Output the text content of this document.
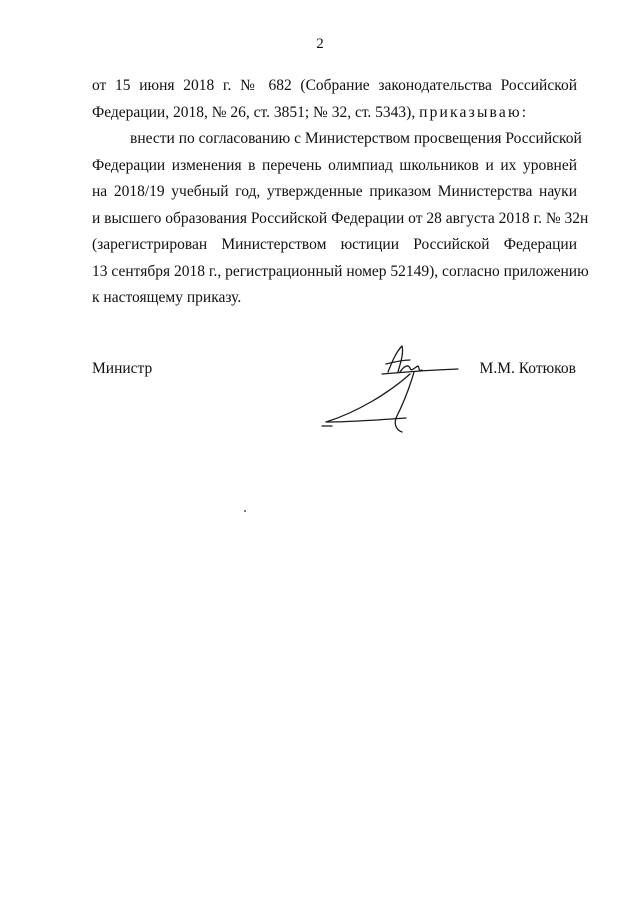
2
от 15 июня 2018 г. № 682 (Собрание законодательства Российской
Федерации, 2018, № 26, ст. 3851; № 32, ст. 5343), приказываю:
внести по согласованию с Министерством просвещения Российской
Федерации изменения в перечень олимпиад школьников и их уровней
на 2018/19 учебный год, утвержденные приказом Министерства науки
и высшего образования Российской Федерации от 28 августа 2018 г. № 32н
(зарегистрирован Министерством юстиции Российской Федерации
13 сентября 2018 г., регистрационный номер 52149), согласно приложению
к настоящему приказу.
Министр	М.М. Котюков
